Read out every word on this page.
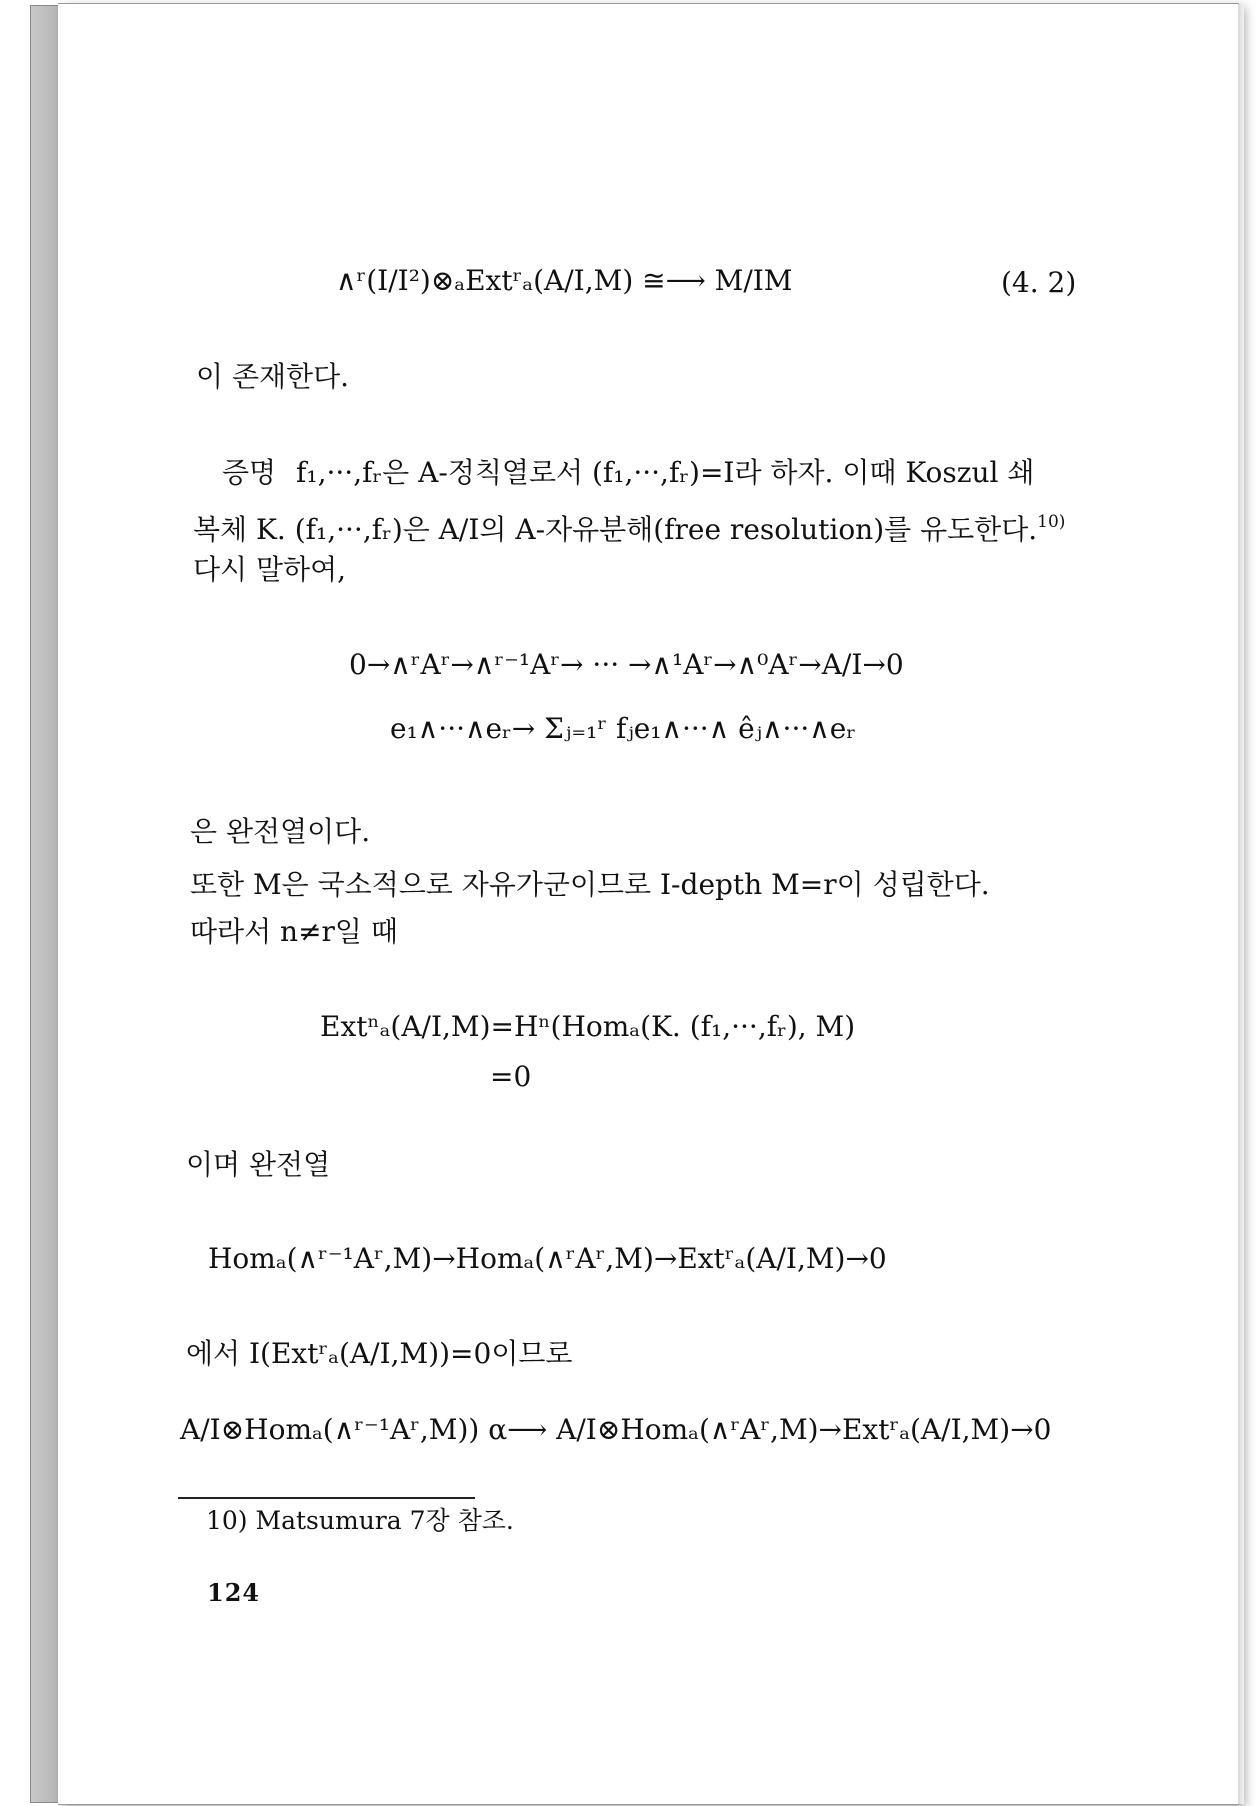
∧ʳ(I/I²)⊗ₐExtʳₐ(A/I,M) ≅⟶ M/IM	(4. 2)
이 존재한다.
증명 f₁,···,fᵣ은 A-정칙열로서 (f₁,···,fᵣ)=I라 하자. 이때 Koszul 쇄
복체 K. (f₁,···,fᵣ)은 A/I의 A-자유분해(free resolution)를 유도한다.$^{10)}$
다시 말하여,
0→∧ʳAʳ→∧ʳ⁻¹Aʳ→ ··· →∧¹Aʳ→∧⁰Aʳ→A/I→0
e₁∧···∧eᵣ→ Σⱼ₌₁ʳ fⱼe₁∧···∧ êⱼ∧···∧eᵣ
은 완전열이다.
또한 M은 국소적으로 자유가군이므로 I-depth M=r이 성립한다.
따라서 n≠r일 때
Extⁿₐ(A/I,M)=Hⁿ(Homₐ(K. (f₁,···,fᵣ), M)
=0
이며 완전열
Homₐ(∧ʳ⁻¹Aʳ,M)→Homₐ(∧ʳAʳ,M)→Extʳₐ(A/I,M)→0
에서 I(Extʳₐ(A/I,M))=0이므로
A/I⊗Homₐ(∧ʳ⁻¹Aʳ,M)) α⟶ A/I⊗Homₐ(∧ʳAʳ,M)→Extʳₐ(A/I,M)→0
10) Matsumura 7장 참조.
124
